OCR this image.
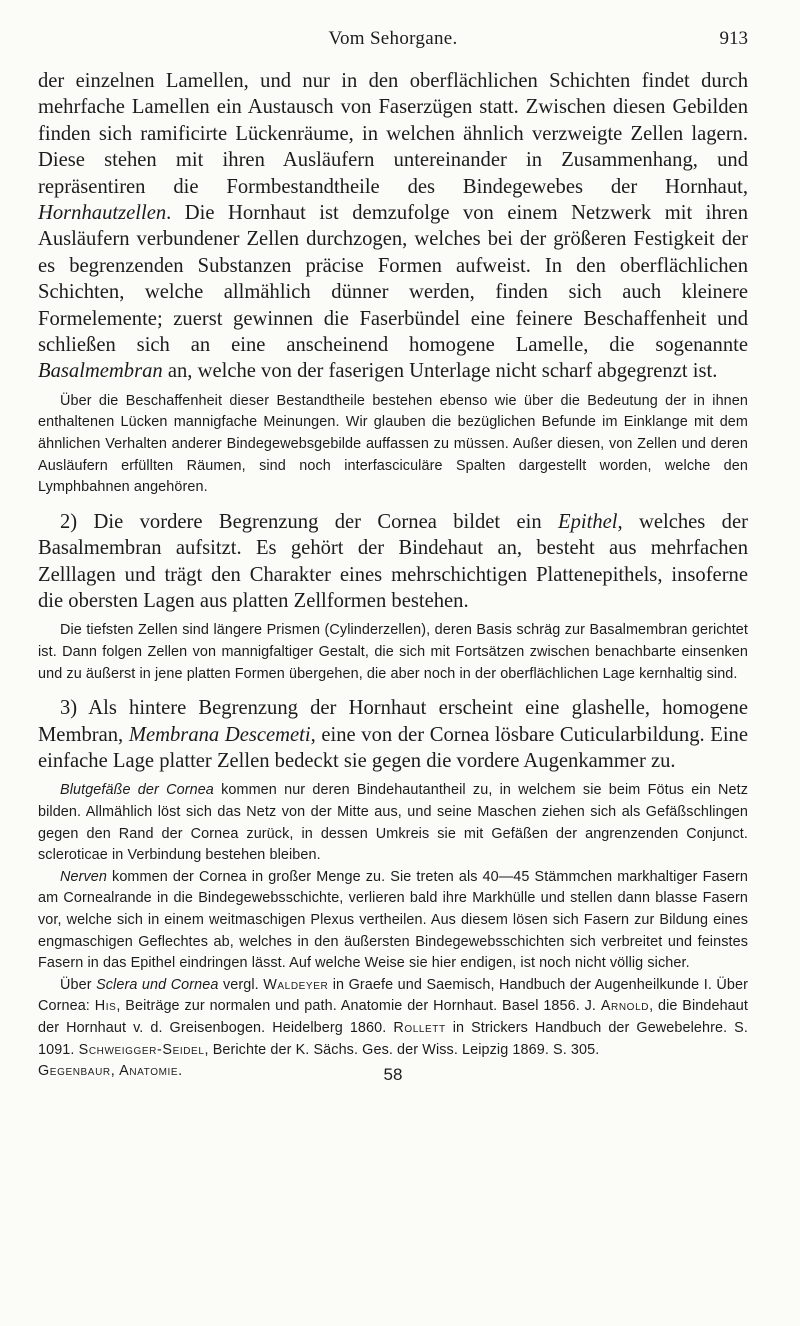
Vom Sehorgane.	913

der einzelnen Lamellen, und nur in den oberflächlichen Schichten findet durch mehrfache Lamellen ein Austausch von Faserzügen statt. Zwischen diesen Gebilden finden sich ramificirte Lückenräume, in welchen ähnlich verzweigte Zellen lagern. Diese stehen mit ihren Ausläufern untereinander in Zusammenhang, und repräsentiren die Formbestandtheile des Bindegewebes der Hornhaut, Hornhautzellen. Die Hornhaut ist demzufolge von einem Netzwerk mit ihren Ausläufern verbundener Zellen durchzogen, welches bei der größeren Festigkeit der es begrenzenden Substanzen präcise Formen aufweist. In den oberflächlichen Schichten, welche allmählich dünner werden, finden sich auch kleinere Formelemente; zuerst gewinnen die Faserbündel eine feinere Beschaffenheit und schließen sich an eine anscheinend homogene Lamelle, die sogenannte Basalmembran an, welche von der faserigen Unterlage nicht scharf abgegrenzt ist.

Über die Beschaffenheit dieser Bestandtheile bestehen ebenso wie über die Bedeutung der in ihnen enthaltenen Lücken mannigfache Meinungen. Wir glauben die bezüglichen Befunde im Einklange mit dem ähnlichen Verhalten anderer Bindegewebsgebilde auffassen zu müssen. Außer diesen, von Zellen und deren Ausläufern erfüllten Räumen, sind noch interfasciculäre Spalten dargestellt worden, welche den Lymphbahnen angehören.

2) Die vordere Begrenzung der Cornea bildet ein Epithel, welches der Basalmembran aufsitzt. Es gehört der Bindehaut an, besteht aus mehrfachen Zelllagen und trägt den Charakter eines mehrschichtigen Plattenepithels, insoferne die obersten Lagen aus platten Zellformen bestehen.

Die tiefsten Zellen sind längere Prismen (Cylinderzellen), deren Basis schräg zur Basalmembran gerichtet ist. Dann folgen Zellen von mannigfaltiger Gestalt, die sich mit Fortsätzen zwischen benachbarte einsenken und zu äußerst in jene platten Formen übergehen, die aber noch in der oberflächlichen Lage kernhaltig sind.

3) Als hintere Begrenzung der Hornhaut erscheint eine glashelle, homogene Membran, Membrana Descemeti, eine von der Cornea lösbare Cuticularbildung. Eine einfache Lage platter Zellen bedeckt sie gegen die vordere Augenkammer zu.

Blutgefäße der Cornea kommen nur deren Bindehautantheil zu, in welchem sie beim Fötus ein Netz bilden. Allmählich löst sich das Netz von der Mitte aus, und seine Maschen ziehen sich als Gefäßschlingen gegen den Rand der Cornea zurück, in dessen Umkreis sie mit Gefäßen der angrenzenden Conjunct. scleroticae in Verbindung bestehen bleiben.

Nerven kommen der Cornea in großer Menge zu. Sie treten als 40—45 Stämmchen markhaltiger Fasern am Cornealrande in die Bindegewebsschichte, verlieren bald ihre Markhülle und stellen dann blasse Fasern vor, welche sich in einem weitmaschigen Plexus vertheilen. Aus diesem lösen sich Fasern zur Bildung eines engmaschigen Geflechtes ab, welches in den äußersten Bindegewebsschichten sich verbreitet und feinstes Fasern in das Epithel eindringen lässt. Auf welche Weise sie hier endigen, ist noch nicht völlig sicher.

Über Sclera und Cornea vergl. Waldeyer in Graefe und Saemisch, Handbuch der Augenheilkunde I. Über Cornea: His, Beiträge zur normalen und path. Anatomie der Hornhaut. Basel 1856. J. Arnold, die Bindehaut der Hornhaut v. d. Greisenbogen. Heidelberg 1860. Rollett in Strickers Handbuch der Gewebelehre. S. 1091. Schweigger-Seidel, Berichte der K. Sächs. Ges. der Wiss. Leipzig 1869. S. 305.

Gegenbaur, Anatomie.	58
